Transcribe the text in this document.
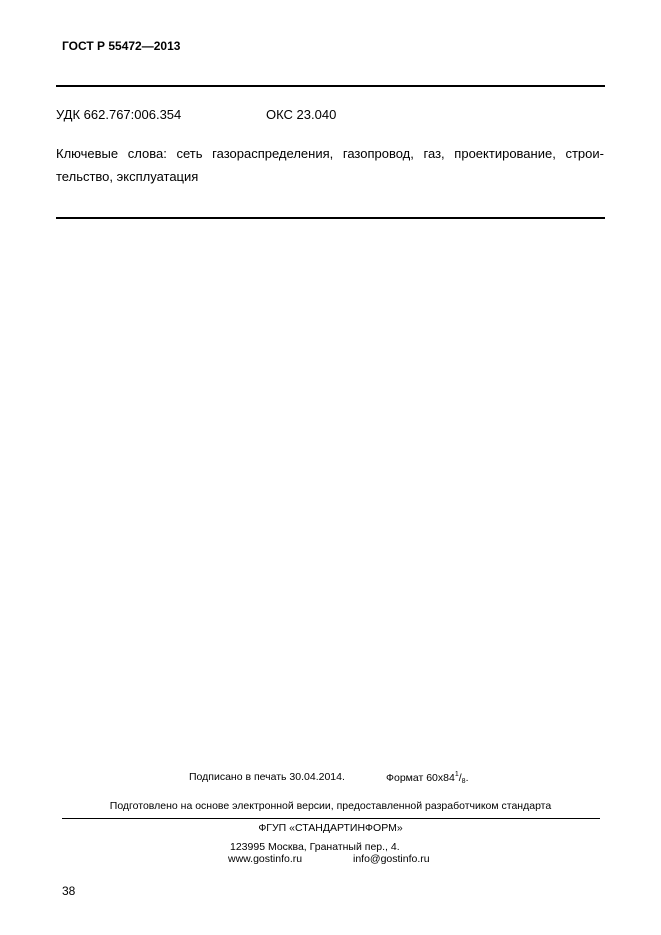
ГОСТ Р 55472—2013
УДК 662.767:006.354	ОКС 23.040
Ключевые слова: сеть газораспределения, газопровод, газ, проектирование, строи-
тельство, эксплуатация
Подписано в печать 30.04.2014.	Формат $60x84^1/_8$.
Подготовлено на основе электронной версии, предоставленной разработчиком стандарта
ФГУП «СТАНДАРТИНФОРМ»
123995 Москва, Гранатный пер., 4.
www.gostinfo.ru	info@gostinfo.ru
38
